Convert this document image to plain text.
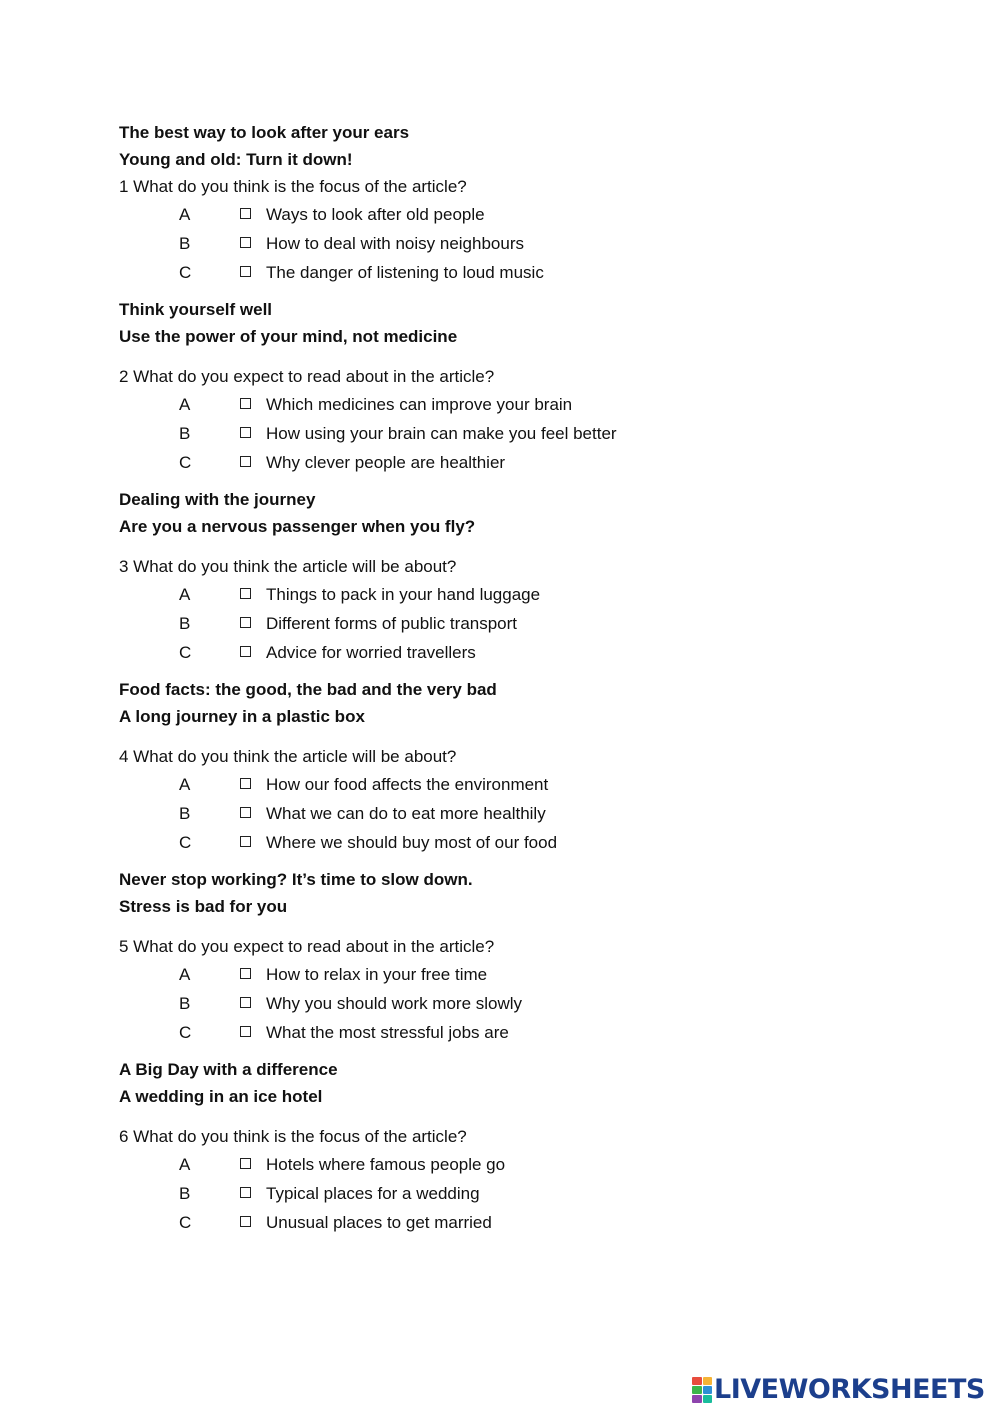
The best way to look after your ears
Young and old: Turn it down!
1 What do you think is the focus of the article?
A	Ways to look after old people
B	How to deal with noisy neighbours
C	The danger of listening to loud music
Think yourself well
Use the power of your mind, not medicine
2 What do you expect to read about in the article?
A	Which medicines can improve your brain
B	How using your brain can make you feel better
C	Why clever people are healthier
Dealing with the journey
Are you a nervous passenger when you fly?
3 What do you think the article will be about?
A	Things to pack in your hand luggage
B	Different forms of public transport
C	Advice for worried travellers
Food facts: the good, the bad and the very bad
A long journey in a plastic box
4 What do you think the article will be about?
A	How our food affects the environment
B	What we can do to eat more healthily
C	Where we should buy most of our food
Never stop working? It’s time to slow down.
Stress is bad for you
5 What do you expect to read about in the article?
A	How to relax in your free time
B	Why you should work more slowly
C	What the most stressful jobs are
A Big Day with a difference
A wedding in an ice hotel
6 What do you think is the focus of the article?
A	Hotels where famous people go
B	Typical places for a wedding
C	Unusual places to get married
LIVEWORKSHEETS
